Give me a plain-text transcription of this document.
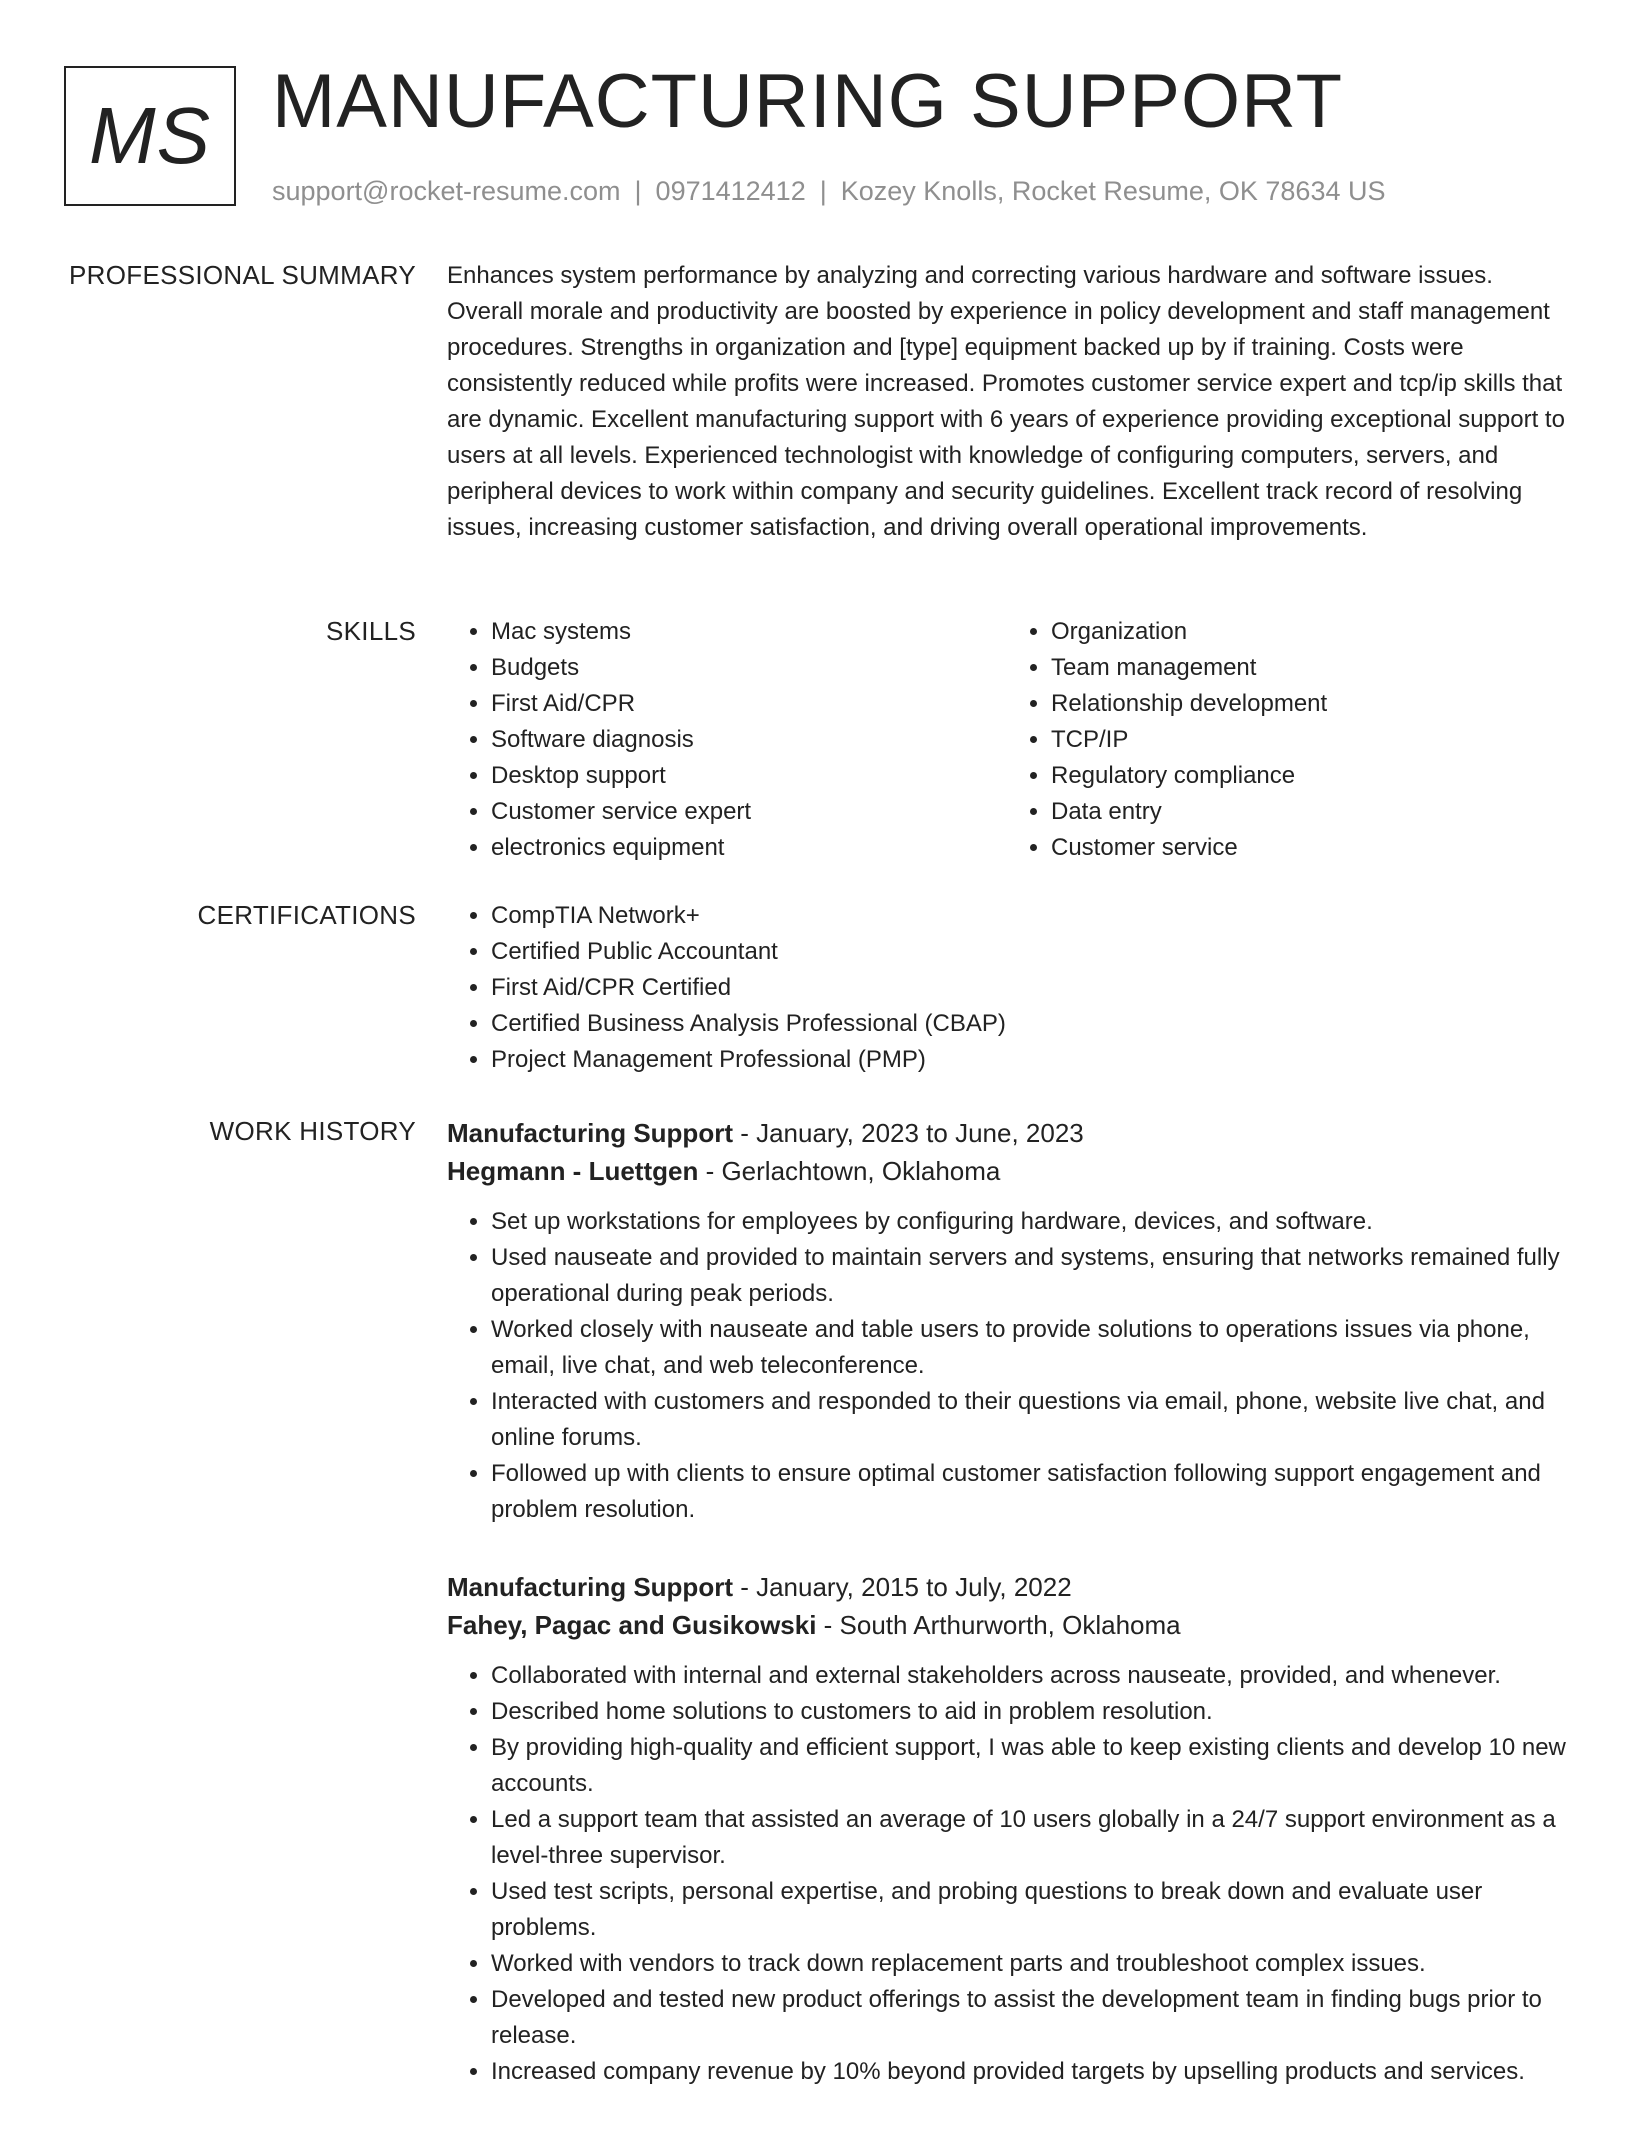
MS MANUFACTURING SUPPORT
support@rocket-resume.com | 0971412412 | Kozey Knolls, Rocket Resume, OK 78634 US
PROFESSIONAL SUMMARY Enhances system performance by analyzing and correcting various hardware and software issues. Overall morale and productivity are boosted by experience in policy development and staff management procedures. Strengths in organization and [type] equipment backed up by if training. Costs were consistently reduced while profits were increased. Promotes customer service expert and tcp/ip skills that are dynamic. Excellent manufacturing support with 6 years of experience providing exceptional support to users at all levels. Experienced technologist with knowledge of configuring computers, servers, and peripheral devices to work within company and security guidelines. Excellent track record of resolving issues, increasing customer satisfaction, and driving overall operational improvements.

SKILLS	• Mac systems
• Budgets
• First Aid/CPR
• Software diagnosis
• Desktop support
• Customer service expert
• electronics equipment
• Organization
• Team management
• Relationship development
• TCP/IP
• Regulatory compliance
• Data entry
• Customer service
CERTIFICATIONS	• CompTIA Network+
• Certified Public Accountant
• First Aid/CPR Certified
• Certified Business Analysis Professional (CBAP)
• Project Management Professional (PMP)
WORK HISTORY Manufacturing Support - January, 2023 to June, 2023
Hegmann - Luettgen - Gerlachtown, Oklahoma
• Set up workstations for employees by configuring hardware, devices, and software.
• Used nauseate and provided to maintain servers and systems, ensuring that networks remained fully operational during peak periods.
• Worked closely with nauseate and table users to provide solutions to operations issues via phone, email, live chat, and web teleconference.
• Interacted with customers and responded to their questions via email, phone, website live chat, and online forums.
• Followed up with clients to ensure optimal customer satisfaction following support engagement and problem resolution.
Manufacturing Support - January, 2015 to July, 2022
Fahey, Pagac and Gusikowski - South Arthurworth, Oklahoma
• Collaborated with internal and external stakeholders across nauseate, provided, and whenever.
• Described home solutions to customers to aid in problem resolution.
• By providing high-quality and efficient support, I was able to keep existing clients and develop 10 new accounts.
• Led a support team that assisted an average of 10 users globally in a 24/7 support environment as a level-three supervisor.
• Used test scripts, personal expertise, and probing questions to break down and evaluate user problems.
• Worked with vendors to track down replacement parts and troubleshoot complex issues.
• Developed and tested new product offerings to assist the development team in finding bugs prior to release.
• Increased company revenue by 10% beyond provided targets by upselling products and services.
